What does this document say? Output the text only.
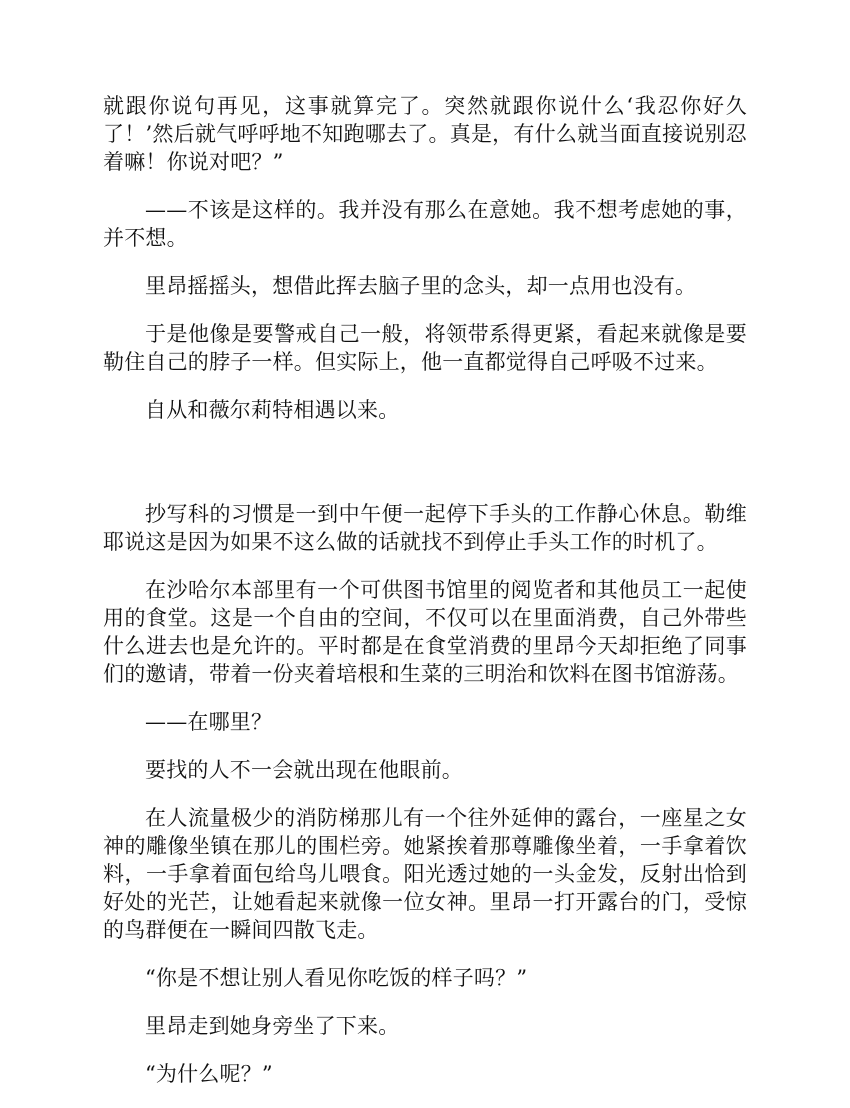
就跟你说句再见，这事就算完了。突然就跟你说什么‘我忍你好久了！’然后就气呼呼地不知跑哪去了。真是，有什么就当面直接说别忍着嘛！你说对吧？”

——不该是这样的。我并没有那么在意她。我不想考虑她的事，并不想。

里昂摇摇头，想借此挥去脑子里的念头，却一点用也没有。

于是他像是要警戒自己一般，将领带系得更紧，看起来就像是要勒住自己的脖子一样。但实际上，他一直都觉得自己呼吸不过来。

自从和薇尔莉特相遇以来。

抄写科的习惯是一到中午便一起停下手头的工作静心休息。勒维耶说这是因为如果不这么做的话就找不到停止手头工作的时机了。

在沙哈尔本部里有一个可供图书馆里的阅览者和其他员工一起使用的食堂。这是一个自由的空间，不仅可以在里面消费，自己外带些什么进去也是允许的。平时都是在食堂消费的里昂今天却拒绝了同事们的邀请，带着一份夹着培根和生菜的三明治和饮料在图书馆游荡。

——在哪里？

要找的人不一会就出现在他眼前。

在人流量极少的消防梯那儿有一个往外延伸的露台，一座星之女神的雕像坐镇在那儿的围栏旁。她紧挨着那尊雕像坐着，一手拿着饮料，一手拿着面包给鸟儿喂食。阳光透过她的一头金发，反射出恰到好处的光芒，让她看起来就像一位女神。里昂一打开露台的门，受惊的鸟群便在一瞬间四散飞走。

“你是不想让别人看见你吃饭的样子吗？”

里昂走到她身旁坐了下来。

“为什么呢？”
